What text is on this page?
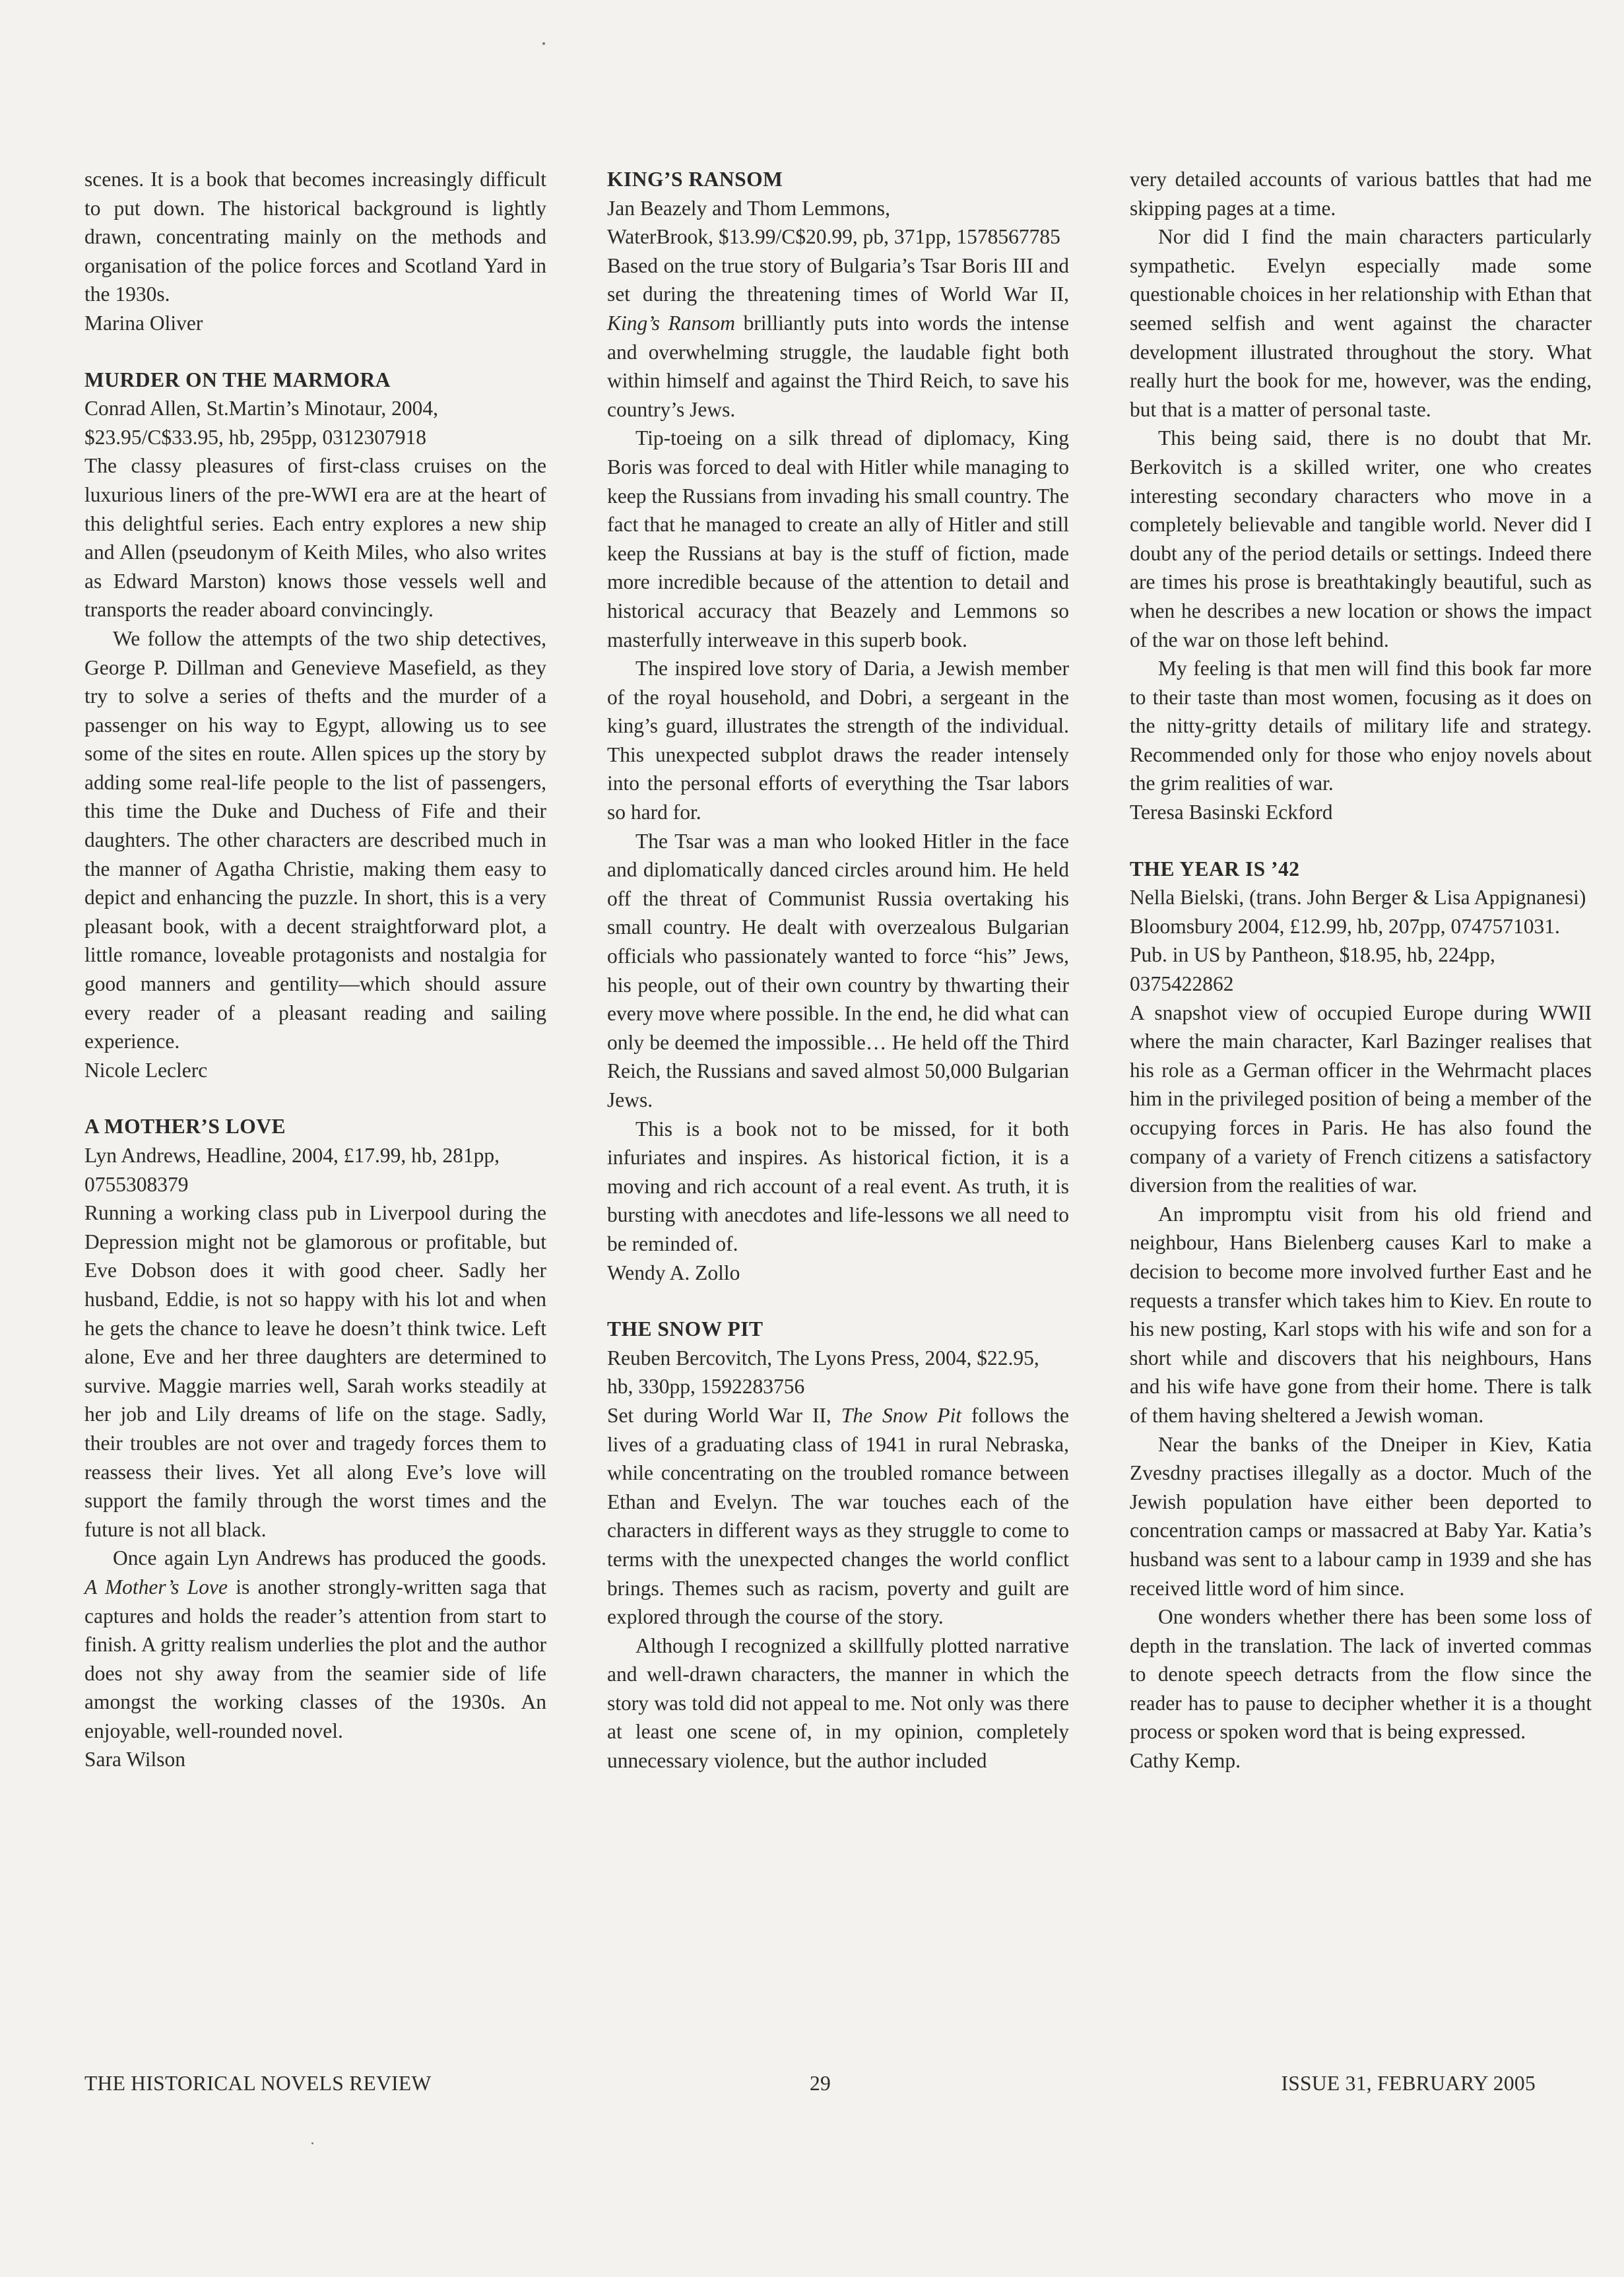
scenes. It is a book that becomes increasingly difficult to put down. The historical background is lightly drawn, concentrating mainly on the methods and organisation of the police forces and Scotland Yard in the 1930s.

Marina Oliver

MURDER ON THE MARMORA

Conrad Allen, St.Martin’s Minotaur, 2004, $23.95/C$33.95, hb, 295pp, 0312307918

The classy pleasures of first-class cruises on the luxurious liners of the pre-WWI era are at the heart of this delightful series. Each entry explores a new ship and Allen (pseudonym of Keith Miles, who also writes as Edward Marston) knows those vessels well and transports the reader aboard convincingly.

We follow the attempts of the two ship detectives, George P. Dillman and Genevieve Masefield, as they try to solve a series of thefts and the murder of a passenger on his way to Egypt, allowing us to see some of the sites en route. Allen spices up the story by adding some real-life people to the list of passengers, this time the Duke and Duchess of Fife and their daughters. The other characters are described much in the manner of Agatha Christie, making them easy to depict and enhancing the puzzle. In short, this is a very pleasant book, with a decent straightforward plot, a little romance, loveable protagonists and nostalgia for good manners and gentility—which should assure every reader of a pleasant reading and sailing experience.

Nicole Leclerc

A MOTHER’S LOVE

Lyn Andrews, Headline, 2004, £17.99, hb, 281pp, 0755308379

Running a working class pub in Liverpool during the Depression might not be glamorous or profitable, but Eve Dobson does it with good cheer. Sadly her husband, Eddie, is not so happy with his lot and when he gets the chance to leave he doesn’t think twice. Left alone, Eve and her three daughters are determined to survive. Maggie marries well, Sarah works steadily at her job and Lily dreams of life on the stage. Sadly, their troubles are not over and tragedy forces them to reassess their lives. Yet all along Eve’s love will support the family through the worst times and the future is not all black.

Once again Lyn Andrews has produced the goods. A Mother’s Love is another strongly-written saga that captures and holds the reader’s attention from start to finish. A gritty realism underlies the plot and the author does not shy away from the seamier side of life amongst the working classes of the 1930s. An enjoyable, well-rounded novel.

Sara Wilson

KING’S RANSOM

Jan Beazely and Thom Lemmons,

WaterBrook, $13.99/C$20.99, pb, 371pp, 1578567785

Based on the true story of Bulgaria’s Tsar Boris III and set during the threatening times of World War II, King’s Ransom brilliantly puts into words the intense and overwhelming struggle, the laudable fight both within himself and against the Third Reich, to save his country’s Jews.

Tip-toeing on a silk thread of diplomacy, King Boris was forced to deal with Hitler while managing to keep the Russians from invading his small country. The fact that he managed to create an ally of Hitler and still keep the Russians at bay is the stuff of fiction, made more incredible because of the attention to detail and historical accuracy that Beazely and Lemmons so masterfully interweave in this superb book.

The inspired love story of Daria, a Jewish member of the royal household, and Dobri, a sergeant in the king’s guard, illustrates the strength of the individual. This unexpected subplot draws the reader intensely into the personal efforts of everything the Tsar labors so hard for.

The Tsar was a man who looked Hitler in the face and diplomatically danced circles around him. He held off the threat of Communist Russia overtaking his small country. He dealt with overzealous Bulgarian officials who passionately wanted to force “his” Jews, his people, out of their own country by thwarting their every move where possible. In the end, he did what can only be deemed the impossible… He held off the Third Reich, the Russians and saved almost 50,000 Bulgarian Jews.

This is a book not to be missed, for it both infuriates and inspires. As historical fiction, it is a moving and rich account of a real event. As truth, it is bursting with anecdotes and life-lessons we all need to be reminded of.

Wendy A. Zollo

THE SNOW PIT

Reuben Bercovitch, The Lyons Press, 2004, $22.95, hb, 330pp, 1592283756

Set during World War II, The Snow Pit follows the lives of a graduating class of 1941 in rural Nebraska, while concentrating on the troubled romance between Ethan and Evelyn. The war touches each of the characters in different ways as they struggle to come to terms with the unexpected changes the world conflict brings. Themes such as racism, poverty and guilt are explored through the course of the story.

Although I recognized a skillfully plotted narrative and well-drawn characters, the manner in which the story was told did not appeal to me. Not only was there at least one scene of, in my opinion, completely unnecessary violence, but the author included

very detailed accounts of various battles that had me skipping pages at a time.

Nor did I find the main characters particularly sympathetic. Evelyn especially made some questionable choices in her relationship with Ethan that seemed selfish and went against the character development illustrated throughout the story. What really hurt the book for me, however, was the ending, but that is a matter of personal taste.

This being said, there is no doubt that Mr. Berkovitch is a skilled writer, one who creates interesting secondary characters who move in a completely believable and tangible world. Never did I doubt any of the period details or settings. Indeed there are times his prose is breathtakingly beautiful, such as when he describes a new location or shows the impact of the war on those left behind.

My feeling is that men will find this book far more to their taste than most women, focusing as it does on the nitty-gritty details of military life and strategy. Recommended only for those who enjoy novels about the grim realities of war.

Teresa Basinski Eckford

THE YEAR IS ’42

Nella Bielski, (trans. John Berger & Lisa Appignanesi) Bloomsbury 2004, £12.99, hb, 207pp, 0747571031. Pub. in US by Pantheon, $18.95, hb, 224pp, 0375422862

A snapshot view of occupied Europe during WWII where the main character, Karl Bazinger realises that his role as a German officer in the Wehrmacht places him in the privileged position of being a member of the occupying forces in Paris. He has also found the company of a variety of French citizens a satisfactory diversion from the realities of war.

An impromptu visit from his old friend and neighbour, Hans Bielenberg causes Karl to make a decision to become more involved further East and he requests a transfer which takes him to Kiev. En route to his new posting, Karl stops with his wife and son for a short while and discovers that his neighbours, Hans and his wife have gone from their home. There is talk of them having sheltered a Jewish woman.

Near the banks of the Dneiper in Kiev, Katia Zvesdny practises illegally as a doctor. Much of the Jewish population have either been deported to concentration camps or massacred at Baby Yar. Katia’s husband was sent to a labour camp in 1939 and she has received little word of him since.

One wonders whether there has been some loss of depth in the translation. The lack of inverted commas to denote speech detracts from the flow since the reader has to pause to decipher whether it is a thought process or spoken word that is being expressed.

Cathy Kemp.

THE HISTORICAL NOVELS REVIEW	29	ISSUE 31, FEBRUARY 2005
